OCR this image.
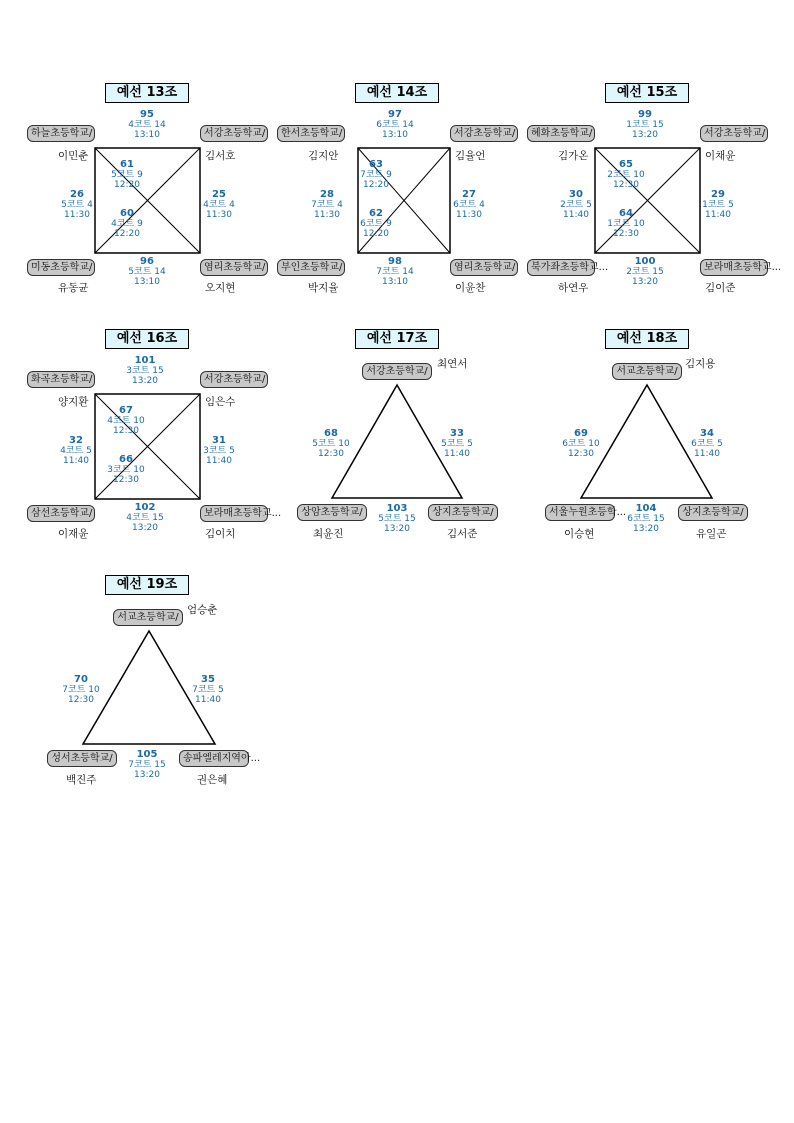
예선 13조
하늘초등학교/	서강초등학교/
미동초등학교/	염리초등학교/
이민춘	김서호
유동균	오지현
95
4코트 14
13:10
96
5코트 14
13:10
26
5코트 4
11:30
25
4코트 4
11:30
61
5코트 9
12:20
60
4코트 9
12:20
예선 14조
한서초등학교/	서강초등학교/
부인초등학교/	염리초등학교/
김지안	김율언
박지율	이윤찬
97
6코트 14
13:10
98
7코트 14
13:10
28
7코트 4
11:30
27
6코트 4
11:30
63
7코트 9
12:20
62
6코트 9
12:20
예선 15조
혜화초등학교/	서강초등학교/
북가좌초등학교...	보라매초등학교...
김가온	이채윤
하연우	김이준
99
1코트 15
13:20
100
2코트 15
13:20
30
2코트 5
11:40
29
1코트 5
11:40
65
2코트 10
12:30
64
1코트 10
12:30
예선 16조
화곡초등학교/	서강초등학교/
삼선초등학교/	보라매초등학교...
양지환	임은수
이재윤	김이치
101
3코트 15
13:20
102
4코트 15
13:20
32
4코트 5
11:40
31
3코트 5
11:40
67
4코트 10
12:30
66
3코트 10
12:30
예선 17조
서강초등학교/
상암초등학교/	상지초등학교/
최연서
최윤진	김서준
68
5코트 10
12:30
33
5코트 5
11:40
103
5코트 15
13:20
예선 18조
서교초등학교/
서울누원초등학...	상지초등학교/
김지용
이승현	유일곤
69
6코트 10
12:30
34
6코트 5
11:40
104
6코트 15
13:20
예선 19조
서교초등학교/
성서초등학교/	송파엘레지역아...
엄승춘
백진주	권은혜
70
7코트 10
12:30
35
7코트 5
11:40
105
7코트 15
13:20
